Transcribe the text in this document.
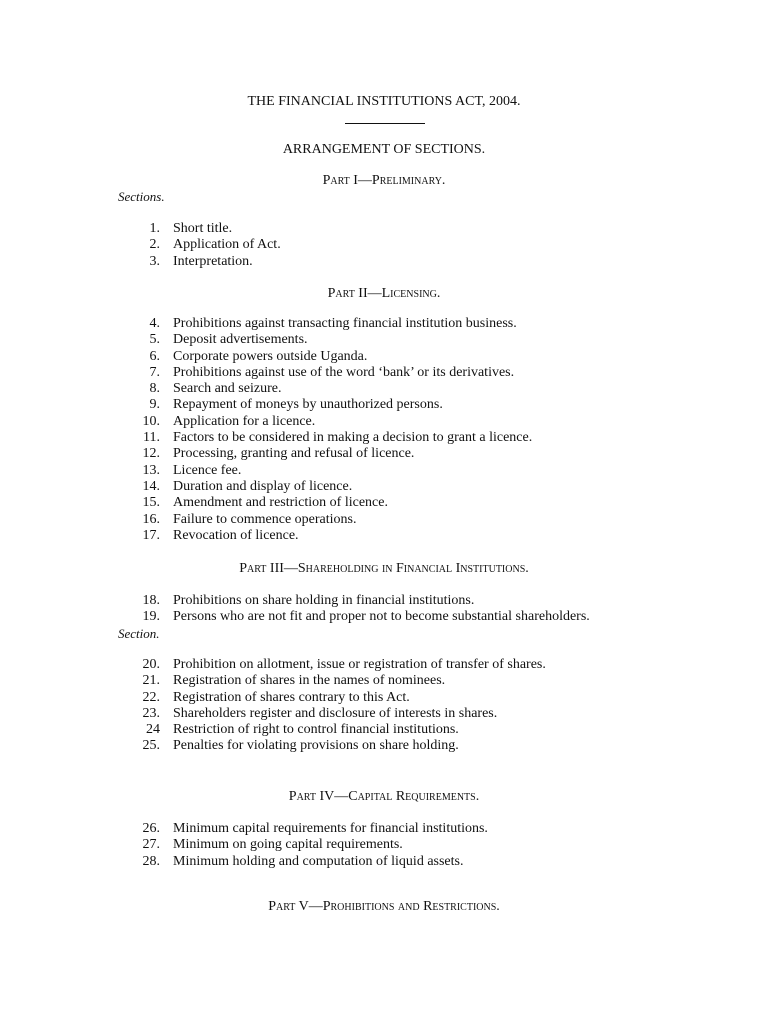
THE FINANCIAL INSTITUTIONS ACT, 2004.
ARRANGEMENT OF SECTIONS.
Part I—Preliminary.
Sections.
1. Short title.
2. Application of Act.
3. Interpretation.
Part II—Licensing.
4. Prohibitions against transacting financial institution business.
5. Deposit advertisements.
6. Corporate powers outside Uganda.
7. Prohibitions against use of the word ‘bank’ or its derivatives.
8. Search and seizure.
9. Repayment of moneys by unauthorized persons.
10. Application for a licence.
11. Factors to be considered in making a decision to grant a licence.
12. Processing, granting and refusal of licence.
13. Licence fee.
14. Duration and display of licence.
15. Amendment and restriction of licence.
16. Failure to commence operations.
17. Revocation of licence.
Part III—Shareholding in Financial Institutions.
18. Prohibitions on share holding in financial institutions.
19. Persons who are not fit and proper not to become substantial shareholders.
Section.
20. Prohibition on allotment, issue or registration of transfer of shares.
21. Registration of shares in the names of nominees.
22. Registration of shares contrary to this Act.
23. Shareholders register and disclosure of interests in shares.
24 Restriction of right to control financial institutions.
25. Penalties for violating provisions on share holding.
Part IV—Capital Requirements.
26. Minimum capital requirements for financial institutions.
27. Minimum on going capital requirements.
28. Minimum holding and computation of liquid assets.
Part V—Prohibitions and Restrictions.
